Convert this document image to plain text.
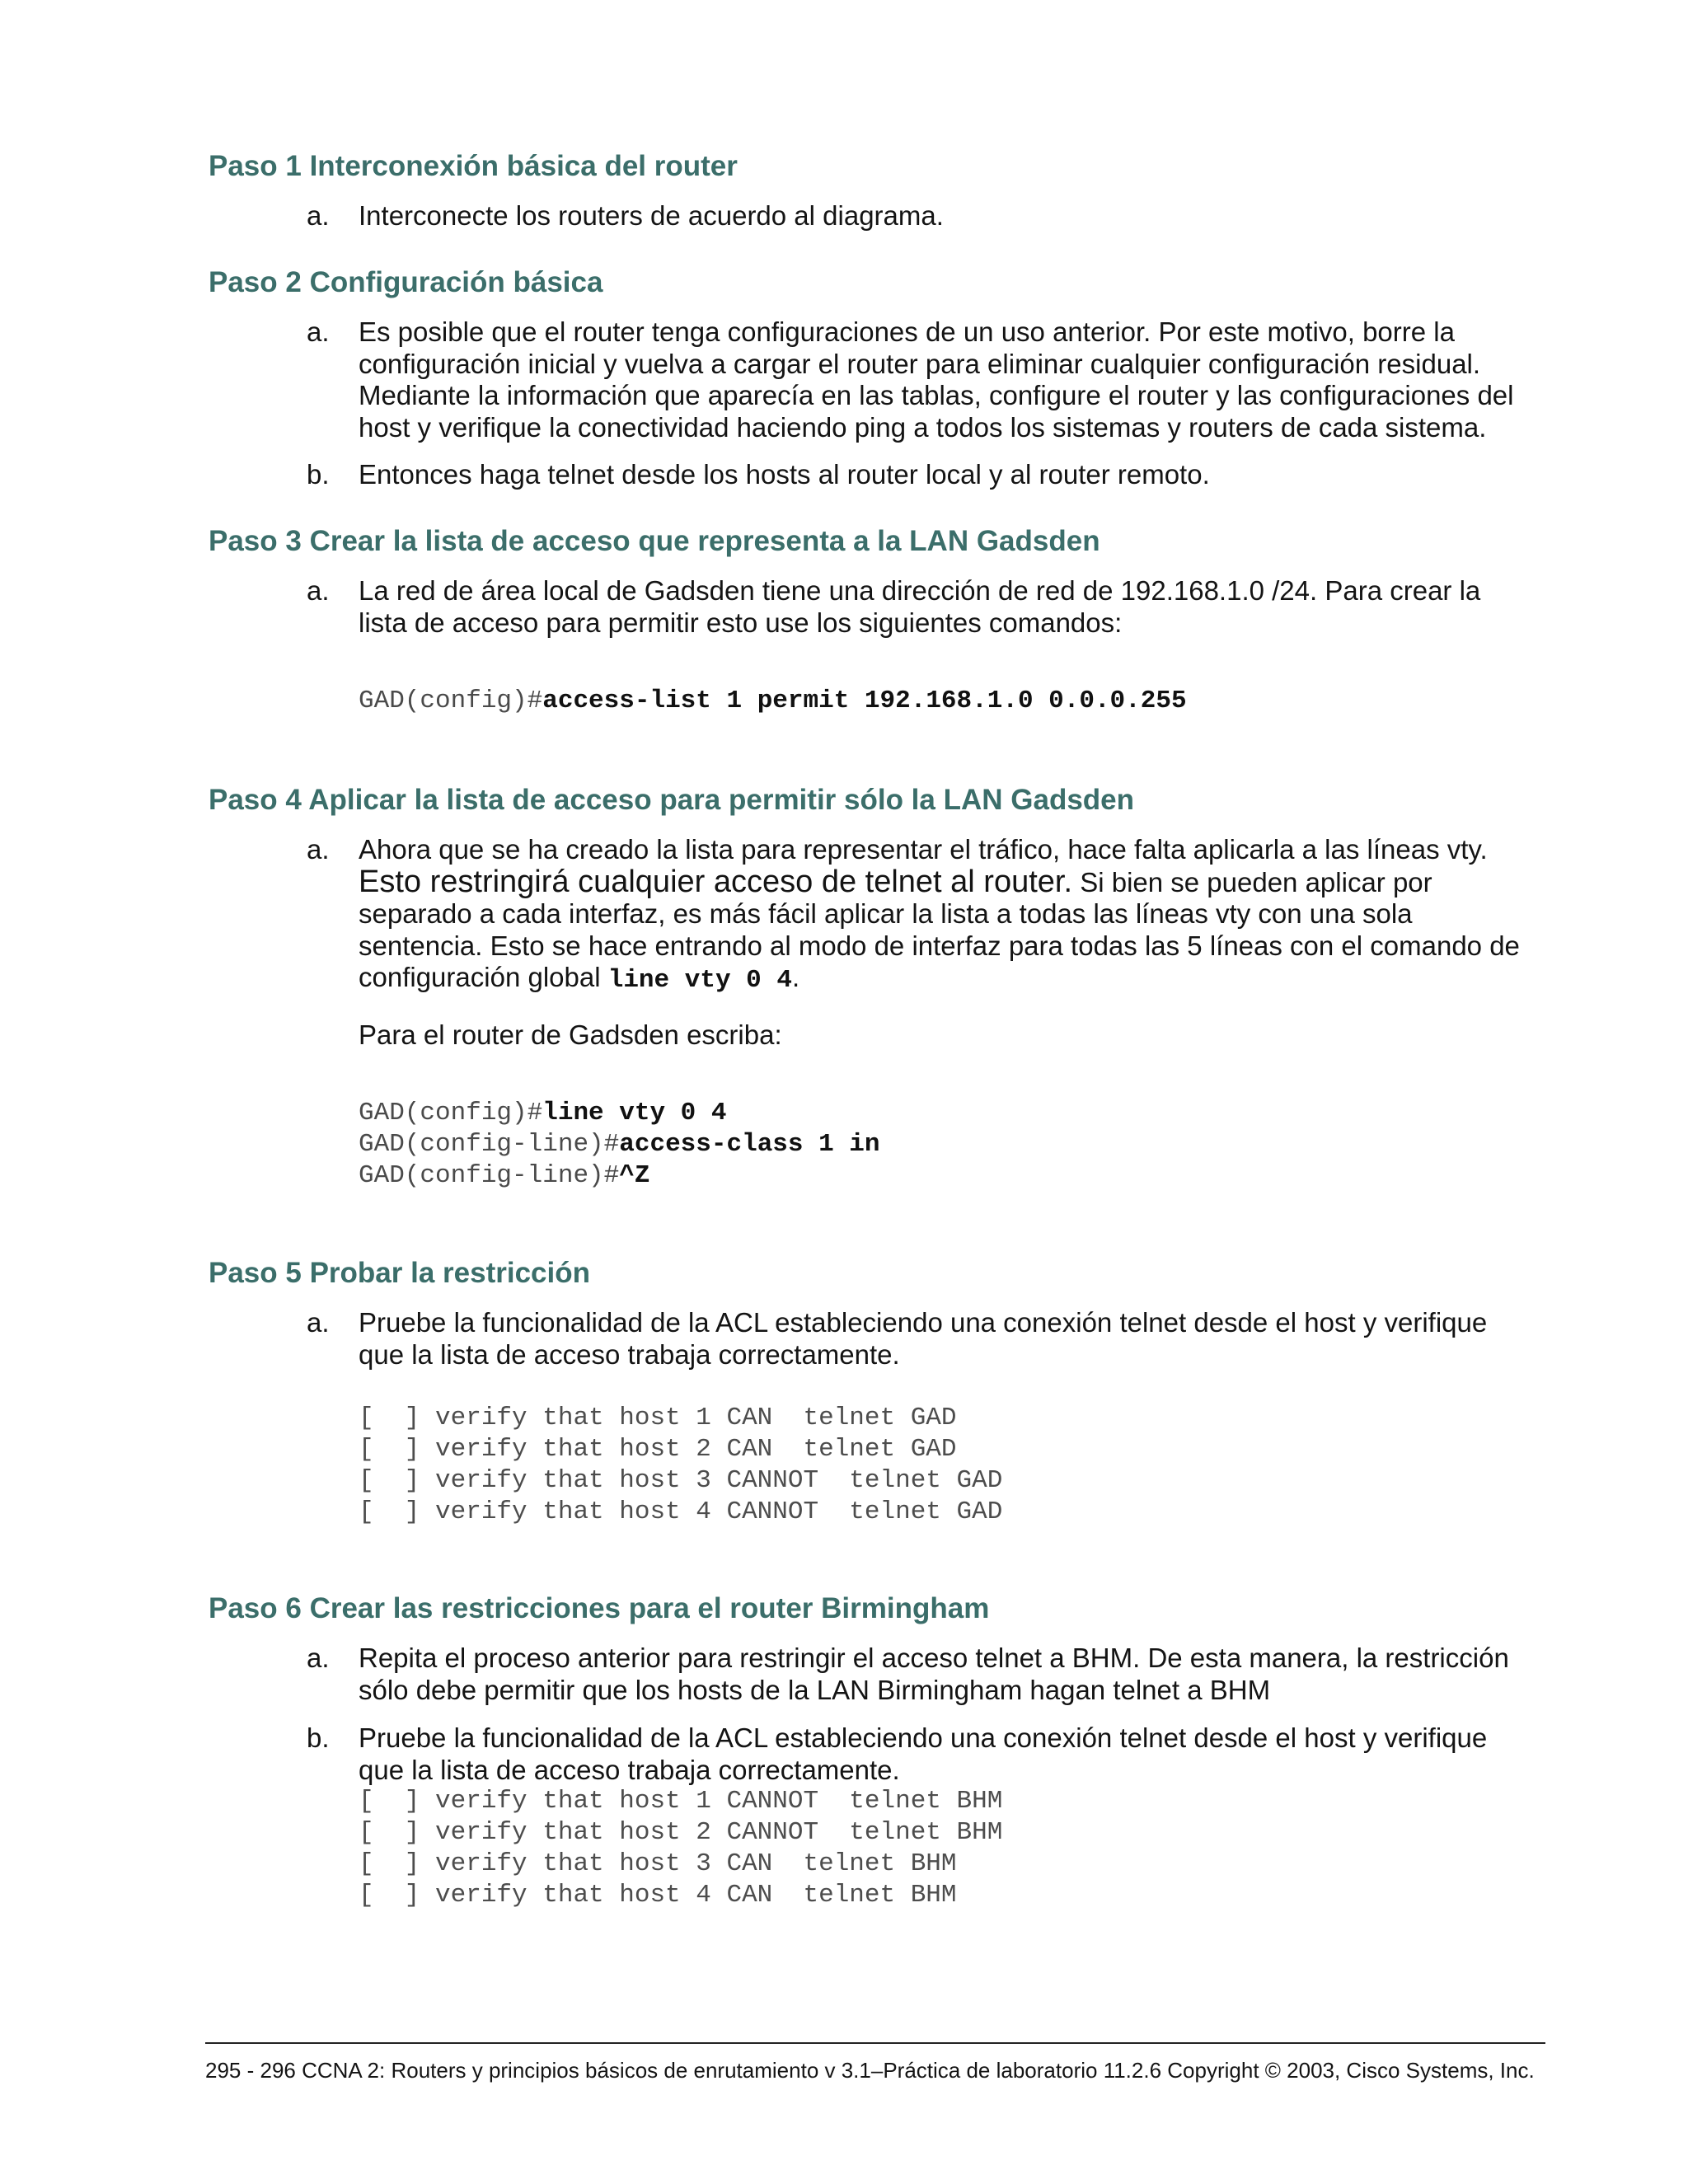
Paso 1 Interconexión básica del router
a.	Interconecte los routers de acuerdo al diagrama.
Paso 2 Configuración básica
a.	Es posible que el router tenga configuraciones de un uso anterior. Por este motivo, borre la
configuración inicial y vuelva a cargar el router para eliminar cualquier configuración residual.
Mediante la información que aparecía en las tablas, configure el router y las configuraciones del
host y verifique la conectividad haciendo ping a todos los sistemas y routers de cada sistema.
b.	Entonces haga telnet desde los hosts al router local y al router remoto.
Paso 3 Crear la lista de acceso que representa a la LAN Gadsden
a.	La red de área local de Gadsden tiene una dirección de red de 192.168.1.0 /24. Para crear la
lista de acceso para permitir esto use los siguientes comandos:
GAD(config)#access-list 1 permit 192.168.1.0 0.0.0.255
Paso 4 Aplicar la lista de acceso para permitir sólo la LAN Gadsden
a.	Ahora que se ha creado la lista para representar el tráfico, hace falta aplicarla a las líneas vty.
Esto restringirá cualquier acceso de telnet al router. Si bien se pueden aplicar por
separado a cada interfaz, es más fácil aplicar la lista a todas las líneas vty con una sola
sentencia. Esto se hace entrando al modo de interfaz para todas las 5 líneas con el comando de
configuración global line vty 0 4.
Para el router de Gadsden escriba:
GAD(config)#line vty 0 4
GAD(config-line)#access-class 1 in
GAD(config-line)#^Z
Paso 5 Probar la restricción
a.	Pruebe la funcionalidad de la ACL estableciendo una conexión telnet desde el host y verifique
que la lista de acceso trabaja correctamente.
[  ] verify that host 1 CAN  telnet GAD
[  ] verify that host 2 CAN  telnet GAD
[  ] verify that host 3 CANNOT  telnet GAD
[  ] verify that host 4 CANNOT  telnet GAD
Paso 6 Crear las restricciones para el router Birmingham
a.	Repita el proceso anterior para restringir el acceso telnet a BHM. De esta manera, la restricción
sólo debe permitir que los hosts de la LAN Birmingham hagan telnet a BHM
b.	Pruebe la funcionalidad de la ACL estableciendo una conexión telnet desde el host y verifique
que la lista de acceso trabaja correctamente.
[  ] verify that host 1 CANNOT  telnet BHM
[  ] verify that host 2 CANNOT  telnet BHM
[  ] verify that host 3 CAN  telnet BHM
[  ] verify that host 4 CAN  telnet BHM
295 - 296 CCNA 2: Routers y principios básicos de enrutamiento v 3.1–Práctica de laboratorio 11.2.6 Copyright © 2003, Cisco Systems, Inc.
